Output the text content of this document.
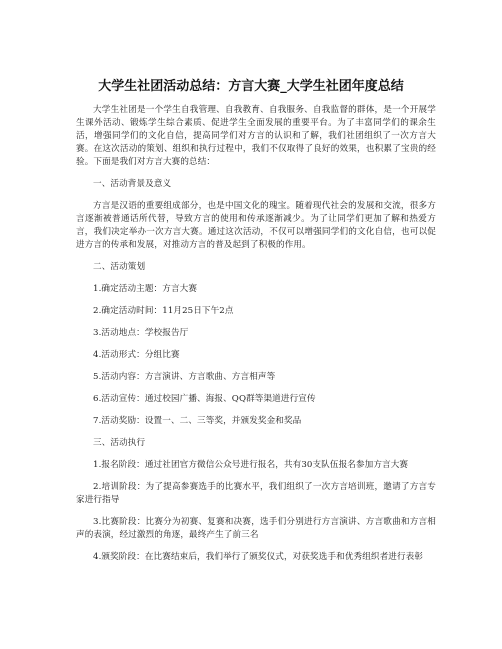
大学生社团活动总结：方言大赛_大学生社团年度总结

大学生社团是一个学生自我管理、自我教育、自我服务、自我监督的群体，是一个开展学生课外活动、锻炼学生综合素质、促进学生全面发展的重要平台。为了丰富同学们的课余生活，增强同学们的文化自信，提高同学们对方言的认识和了解，我们社团组织了一次方言大赛。在这次活动的策划、组织和执行过程中，我们不仅取得了良好的效果，也积累了宝贵的经验。下面是我们对方言大赛的总结：

一、活动背景及意义

方言是汉语的重要组成部分，也是中国文化的瑰宝。随着现代社会的发展和交流，很多方言逐渐被普通话所代替，导致方言的使用和传承逐渐减少。为了让同学们更加了解和热爱方言，我们决定举办一次方言大赛。通过这次活动，不仅可以增强同学们的文化自信，也可以促进方言的传承和发展，对推动方言的普及起到了积极的作用。

二、活动策划

1.确定活动主题：方言大赛

2.确定活动时间：11月25日下午2点

3.活动地点：学校报告厅

4.活动形式：分组比赛

5.活动内容：方言演讲、方言歌曲、方言相声等

6.活动宣传：通过校园广播、海报、QQ群等渠道进行宣传

7.活动奖励：设置一、二、三等奖，并颁发奖金和奖品

三、活动执行

1.报名阶段：通过社团官方微信公众号进行报名，共有30支队伍报名参加方言大赛

2.培训阶段：为了提高参赛选手的比赛水平，我们组织了一次方言培训班，邀请了方言专家进行指导

3.比赛阶段：比赛分为初赛、复赛和决赛，选手们分别进行方言演讲、方言歌曲和方言相声的表演，经过激烈的角逐，最终产生了前三名

4.颁奖阶段：在比赛结束后，我们举行了颁奖仪式，对获奖选手和优秀组织者进行表彰
